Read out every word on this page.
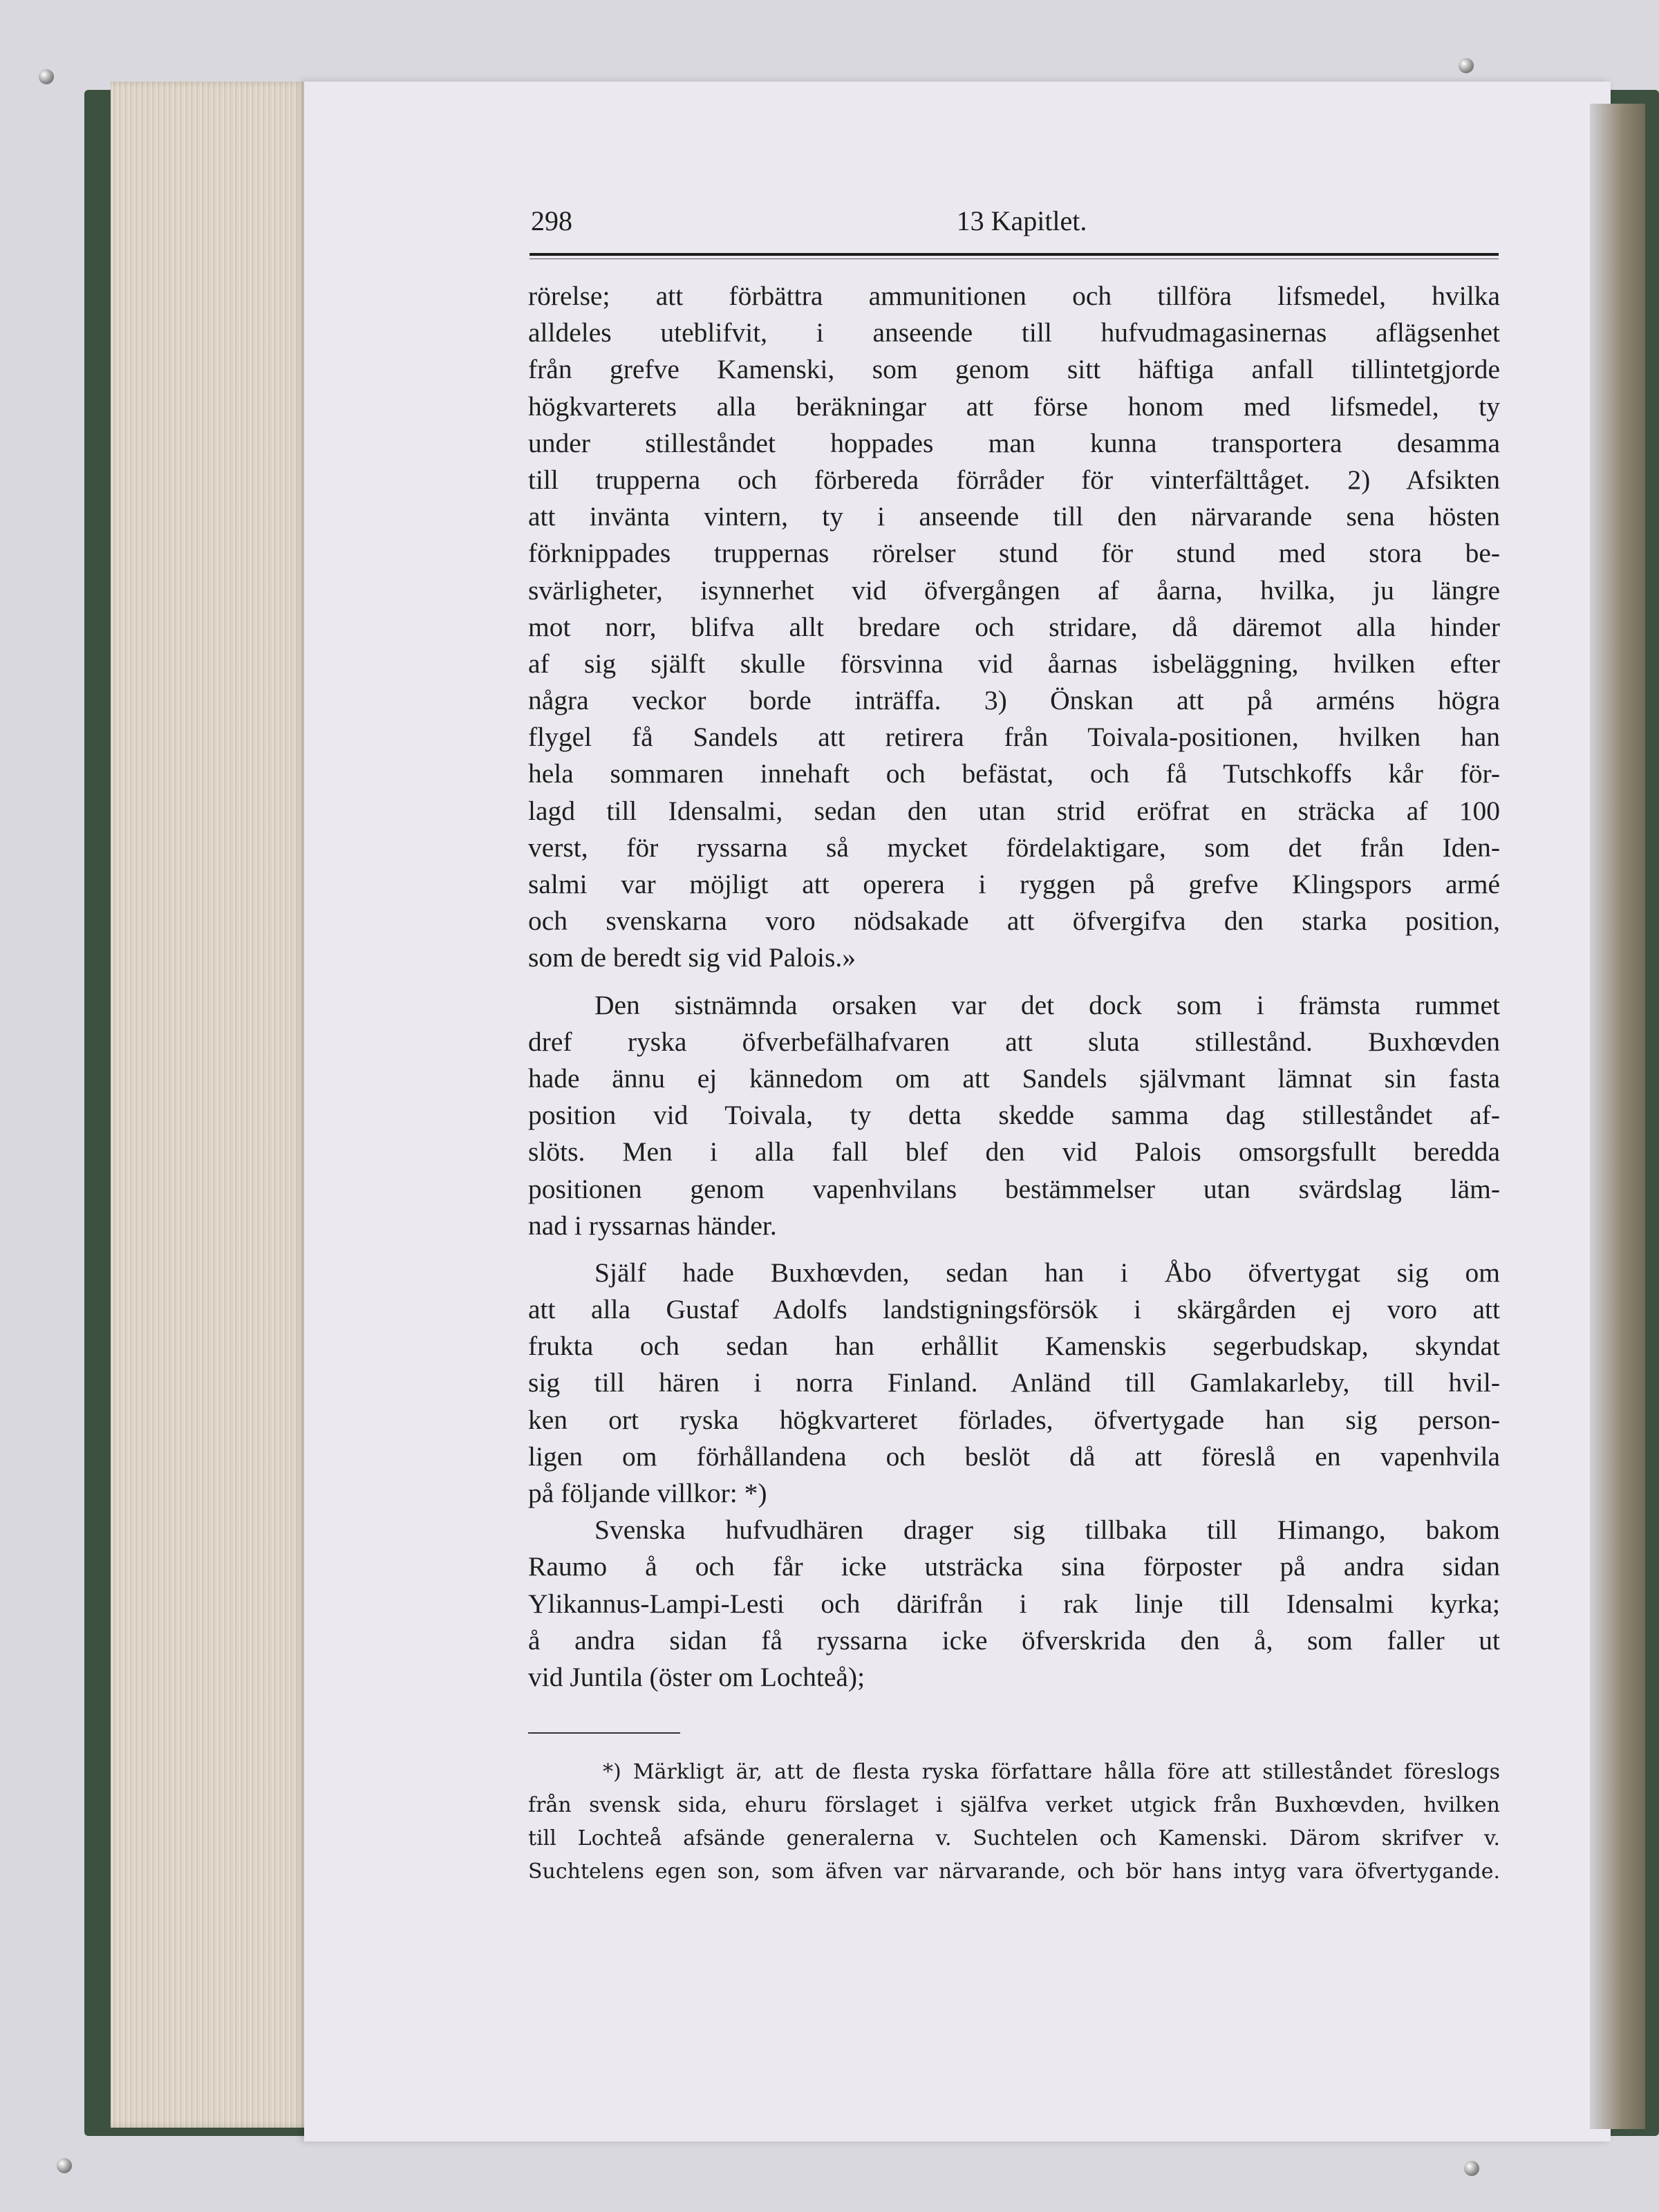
298	13 Kapitlet.
rörelse; att förbättra ammunitionen och tillföra lifsmedel, hvilka
alldeles uteblifvit, i anseende till hufvudmagasinernas aflägsenhet
från grefve Kamenski, som genom sitt häftiga anfall tillintetgjorde
högkvarterets alla beräkningar att förse honom med lifsmedel, ty
under stilleståndet hoppades man kunna transportera desamma
till trupperna och förbereda förråder för vinterfälttåget. 2) Afsikten
att invänta vintern, ty i anseende till den närvarande sena hösten
förknippades truppernas rörelser stund för stund med stora be-
svärligheter, isynnerhet vid öfvergången af åarna, hvilka, ju längre
mot norr, blifva allt bredare och stridare, då däremot alla hinder
af sig själft skulle försvinna vid åarnas isbeläggning, hvilken efter
några veckor borde inträffa. 3) Önskan att på arméns högra
flygel få Sandels att retirera från Toivala-positionen, hvilken han
hela sommaren innehaft och befästat, och få Tutschkoffs kår för-
lagd till Idensalmi, sedan den utan strid eröfrat en sträcka af 100
verst, för ryssarna så mycket fördelaktigare, som det från Iden-
salmi var möjligt att operera i ryggen på grefve Klingspors armé
och svenskarna voro nödsakade att öfvergifva den starka position,
som de beredt sig vid Palois.»
Den sistnämnda orsaken var det dock som i främsta rummet
dref ryska öfverbefälhafvaren att sluta stillestånd. Buxhœvden
hade ännu ej kännedom om att Sandels självmant lämnat sin fasta
position vid Toivala, ty detta skedde samma dag stilleståndet af-
slöts. Men i alla fall blef den vid Palois omsorgsfullt beredda
positionen genom vapenhvilans bestämmelser utan svärdslag läm-
nad i ryssarnas händer.
Själf hade Buxhœvden, sedan han i Åbo öfvertygat sig om
att alla Gustaf Adolfs landstigningsförsök i skärgården ej voro att
frukta och sedan han erhållit Kamenskis segerbudskap, skyndat
sig till hären i norra Finland. Anländ till Gamlakarleby, till hvil-
ken ort ryska högkvarteret förlades, öfvertygade han sig person-
ligen om förhållandena och beslöt då att föreslå en vapenhvila
på följande villkor: *)
Svenska hufvudhären drager sig tillbaka till Himango, bakom
Raumo å och får icke utsträcka sina förposter på andra sidan
Ylikannus-Lampi-Lesti och därifrån i rak linje till Idensalmi kyrka;
å andra sidan få ryssarna icke öfverskrida den å, som faller ut
vid Juntila (öster om Lochteå);
*) Märkligt är, att de flesta ryska författare hålla före att stilleståndet föreslogs
från svensk sida, ehuru förslaget i själfva verket utgick från Buxhœvden, hvilken
till Lochteå afsände generalerna v. Suchtelen och Kamenski. Därom skrifver v.
Suchtelens egen son, som äfven var närvarande, och bör hans intyg vara öfvertygande.
